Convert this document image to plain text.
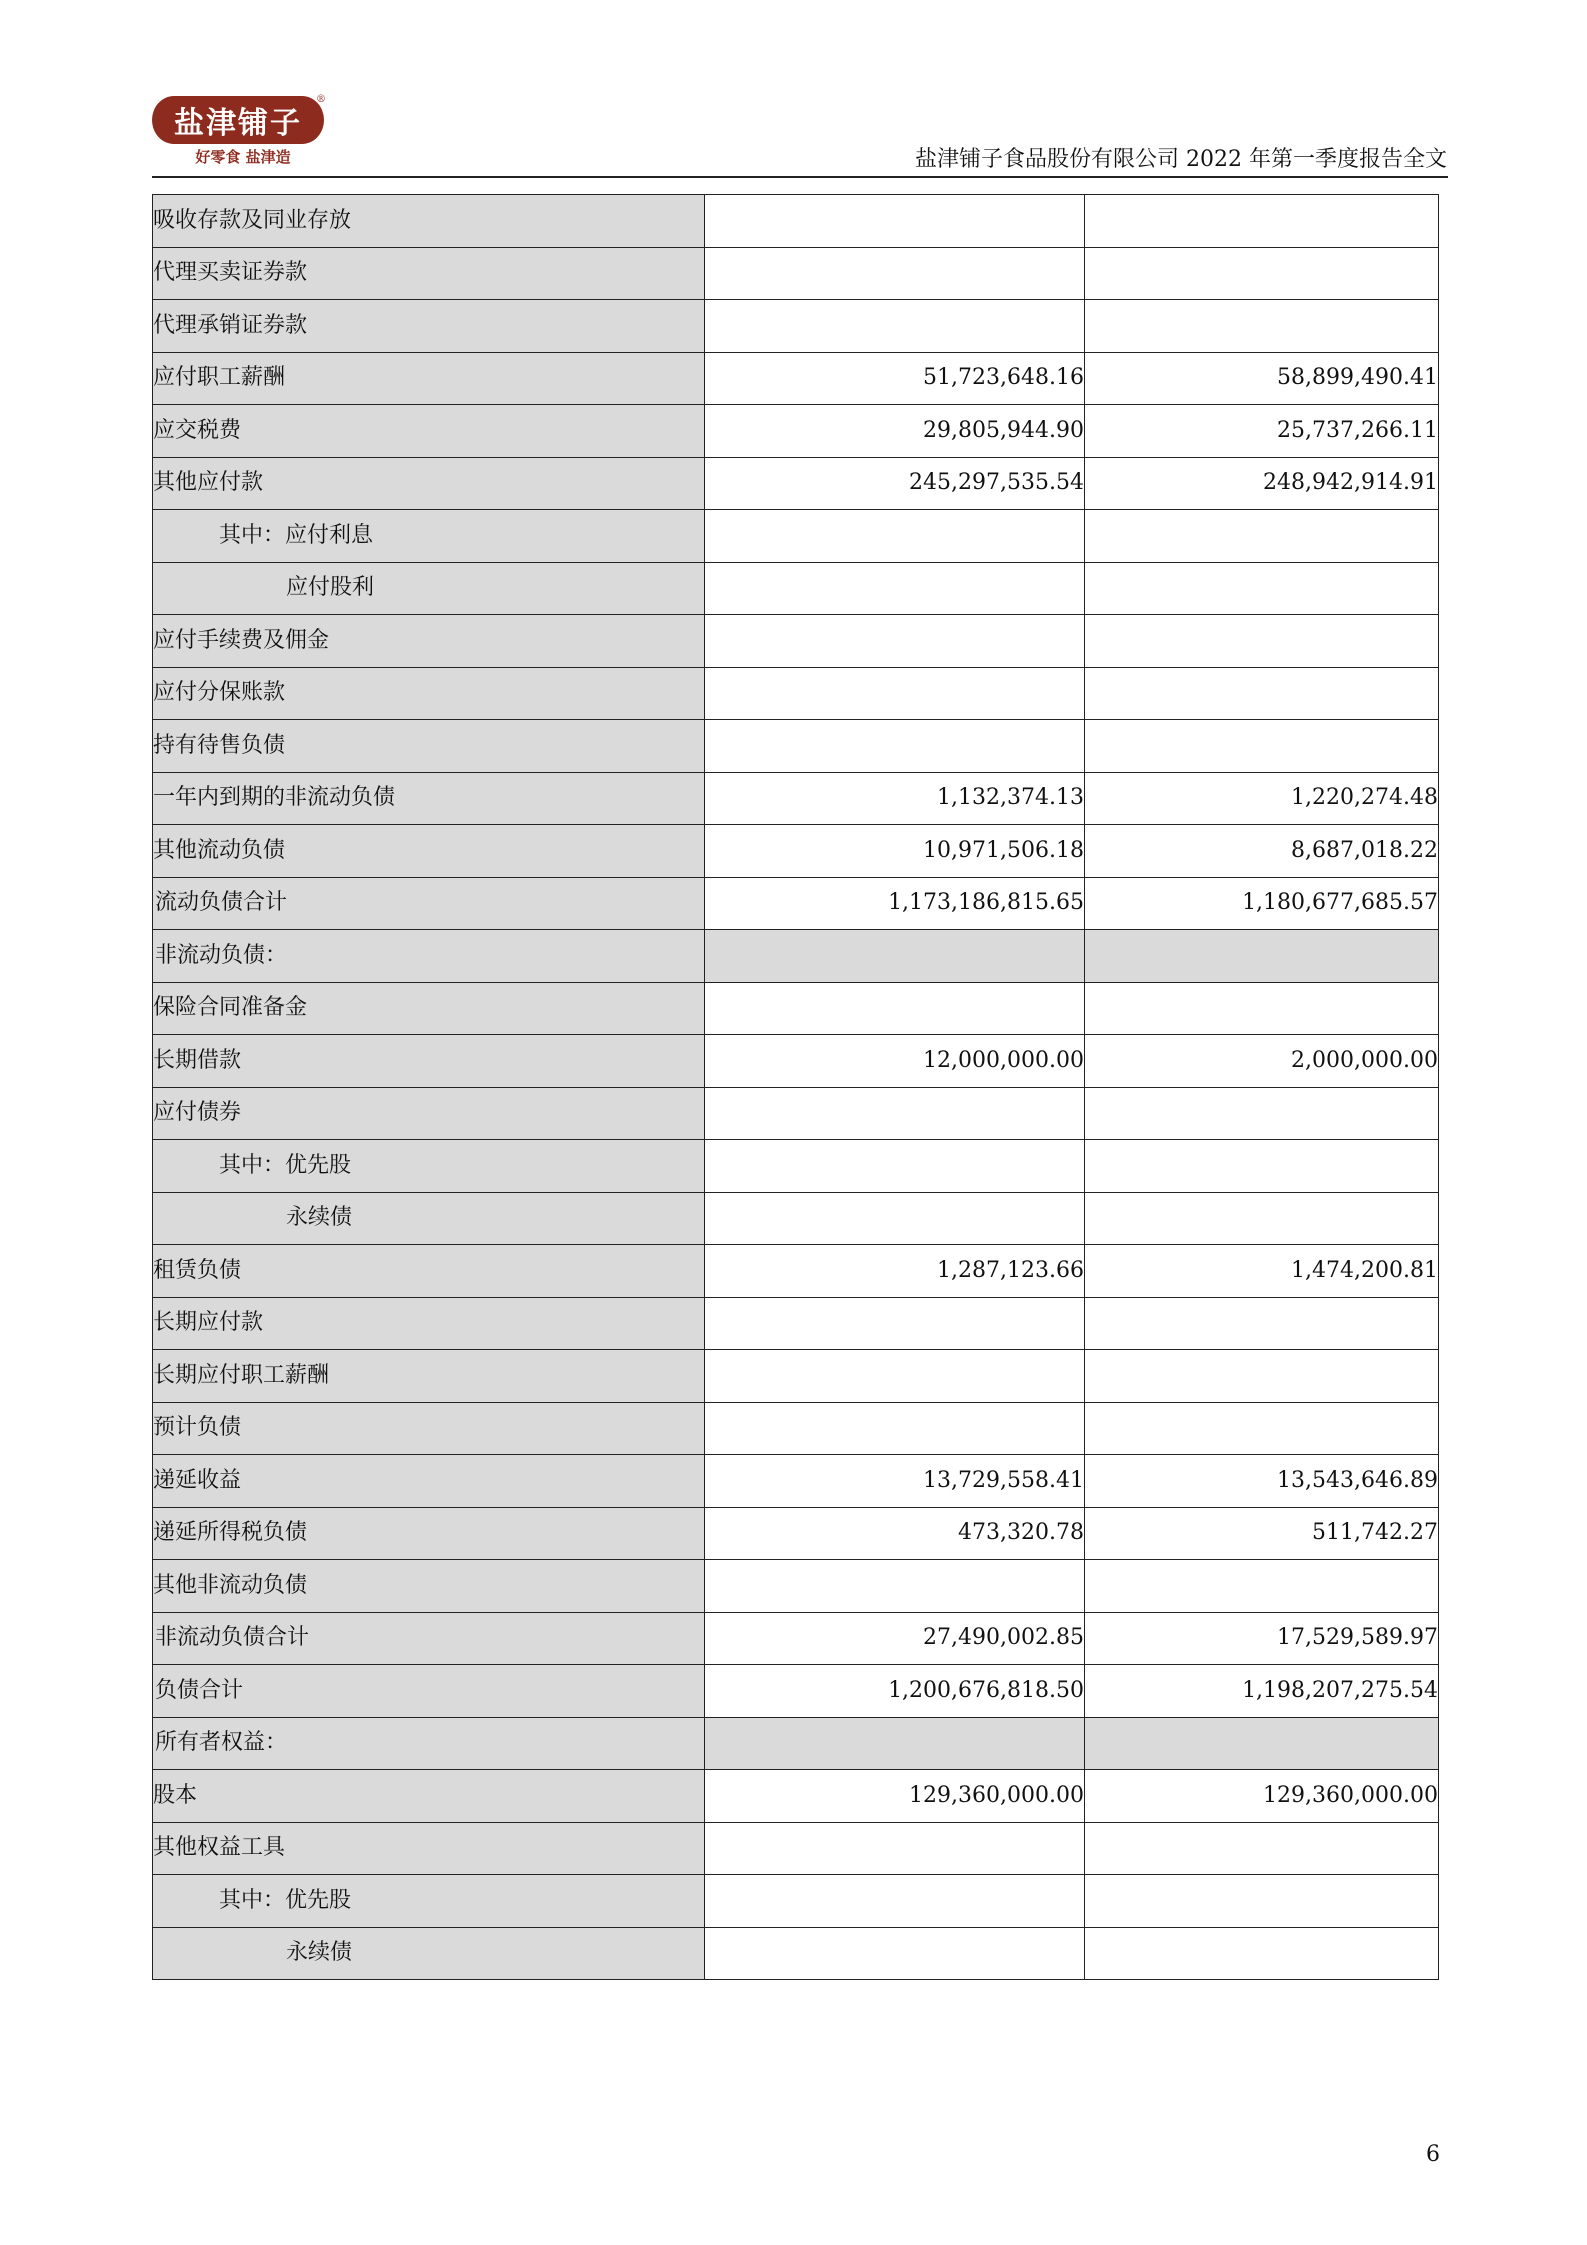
盐津铺子
好零食 盐津造
®
盐津铺子食品股份有限公司 2022 年第一季度报告全文
吸收存款及同业存放		
代理买卖证券款		
代理承销证券款		
应付职工薪酬	51,723,648.16	58,899,490.41
应交税费	29,805,944.90	25,737,266.11
其他应付款	245,297,535.54	248,942,914.91
其中：应付利息		
应付股利		
应付手续费及佣金		
应付分保账款		
持有待售负债		
一年内到期的非流动负债	1,132,374.13	1,220,274.48
其他流动负债	10,971,506.18	8,687,018.22
流动负债合计	1,173,186,815.65	1,180,677,685.57
非流动负债：		
保险合同准备金		
长期借款	12,000,000.00	2,000,000.00
应付债券		
其中：优先股		
永续债		
租赁负债	1,287,123.66	1,474,200.81
长期应付款		
长期应付职工薪酬		
预计负债		
递延收益	13,729,558.41	13,543,646.89
递延所得税负债	473,320.78	511,742.27
其他非流动负债		
非流动负债合计	27,490,002.85	17,529,589.97
负债合计	1,200,676,818.50	1,198,207,275.54
所有者权益：		
股本	129,360,000.00	129,360,000.00
其他权益工具		
其中：优先股		
永续债		
6
